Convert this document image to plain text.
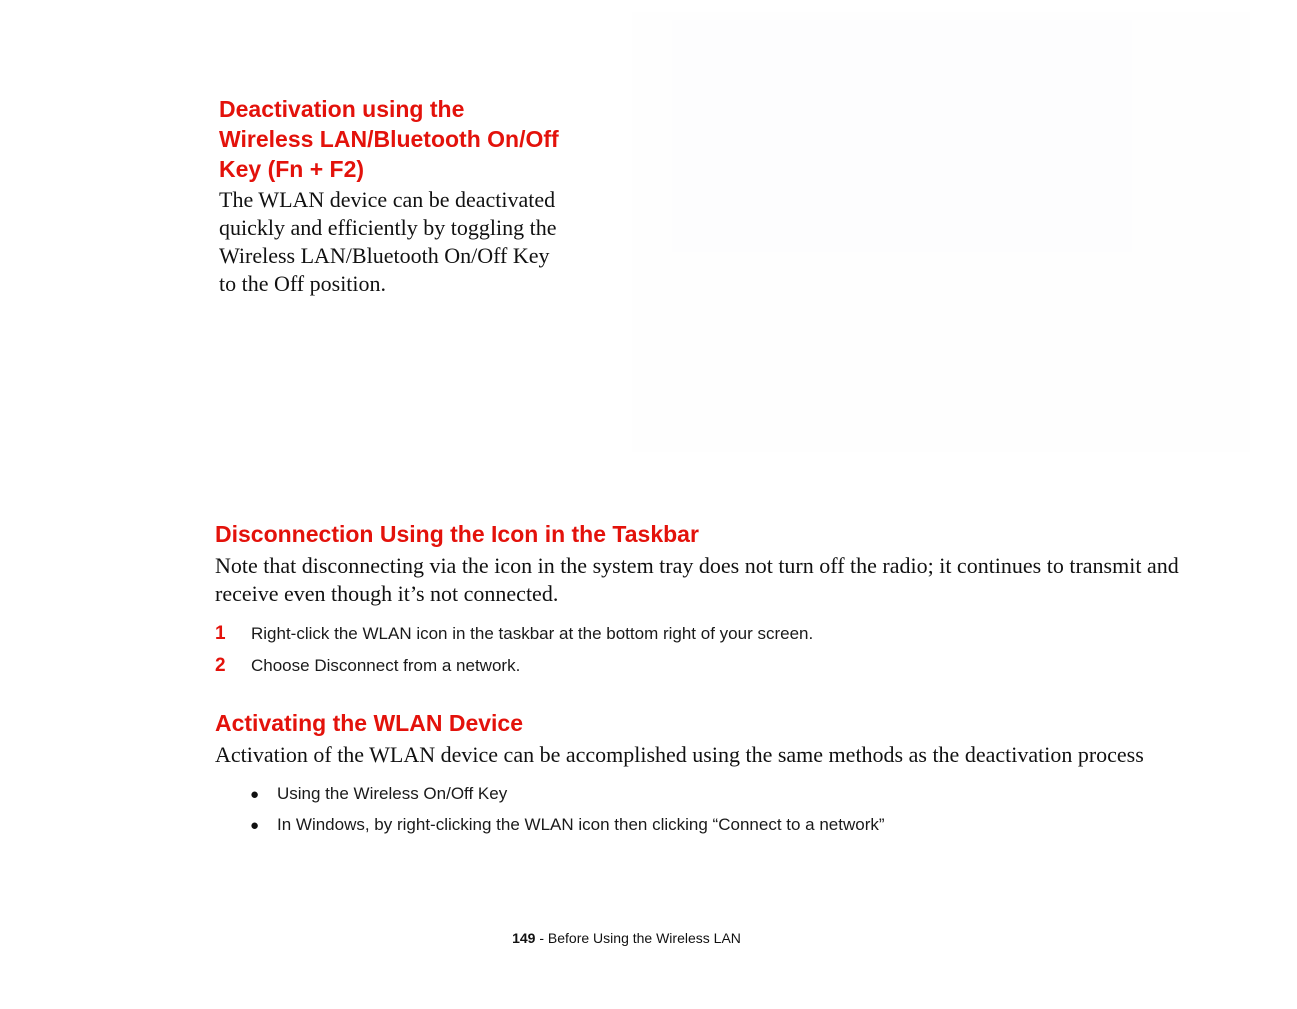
Deactivation using the Wireless LAN/Bluetooth On/Off Key (Fn + F2)

The WLAN device can be deactivated quickly and efficiently by toggling the Wireless LAN/Bluetooth On/Off Key to the Off position.

Disconnection Using the Icon in the Taskbar

Note that disconnecting via the icon in the system tray does not turn off the radio; it continues to transmit and receive even though it’s not connected.

1 Right-click the WLAN icon in the taskbar at the bottom right of your screen.
2 Choose Disconnect from a network.
Activating the WLAN Device

Activation of the WLAN device can be accomplished using the same methods as the deactivation process

● Using the Wireless On/Off Key
● In Windows, by right-clicking the WLAN icon then clicking “Connect to a network”
149 - Before Using the Wireless LAN
